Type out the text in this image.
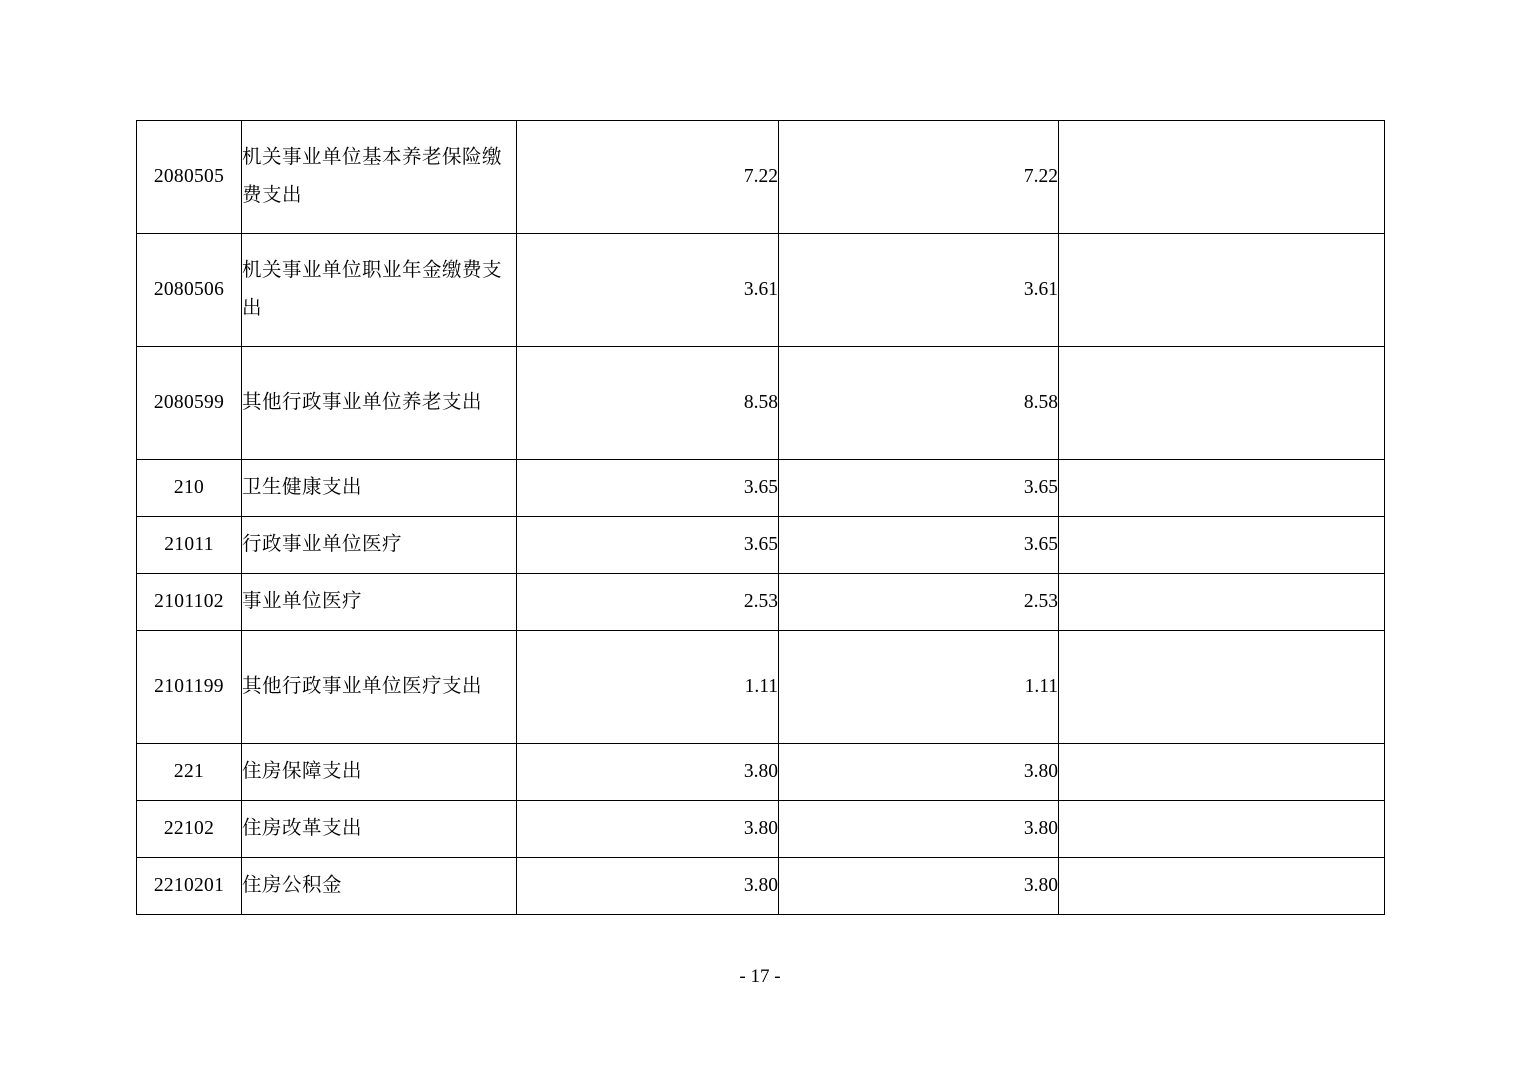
2080505	机关事业单位基本养老保险缴费支出	7.22	7.22	
2080506	机关事业单位职业年金缴费支出	3.61	3.61	
2080599	其他行政事业单位养老支出	8.58	8.58	
210	卫生健康支出	3.65	3.65	
21011	行政事业单位医疗	3.65	3.65	
2101102	事业单位医疗	2.53	2.53	
2101199	其他行政事业单位医疗支出	1.11	1.11	
221	住房保障支出	3.80	3.80	
22102	住房改革支出	3.80	3.80	
2210201	住房公积金	3.80	3.80	
- 17 -
